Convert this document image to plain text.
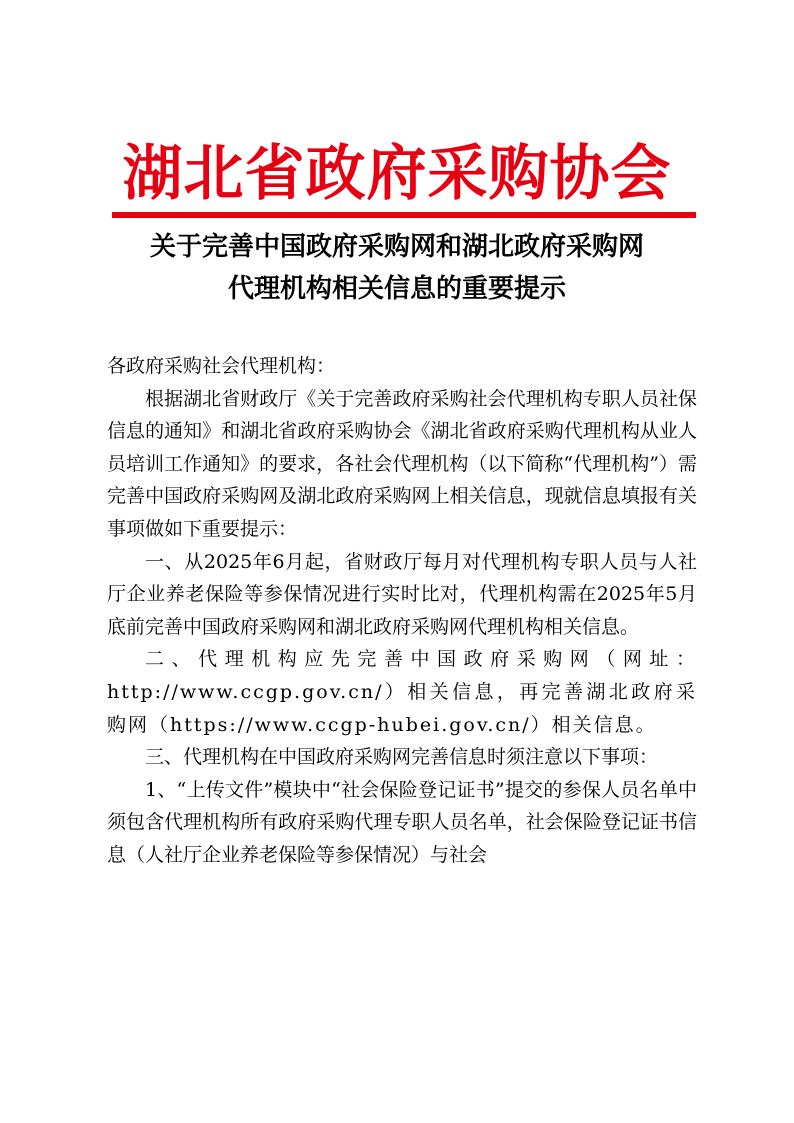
湖北省政府采购协会
关于完善中国政府采购网和湖北政府采购网
代理机构相关信息的重要提示

各政府采购社会代理机构：

根据湖北省财政厅《关于完善政府采购社会代理机构专职人员社保信息的通知》和湖北省政府采购协会《湖北省政府采购代理机构从业人员培训工作通知》的要求，各社会代理机构（以下简称“代理机构”）需完善中国政府采购网及湖北政府采购网上相关信息，现就信息填报有关事项做如下重要提示：

一、从2025年6月起，省财政厅每月对代理机构专职人员与人社厅企业养老保险等参保情况进行实时比对，代理机构需在2025年5月底前完善中国政府采购网和湖北政府采购网代理机构相关信息。

二、代理机构应先完善中国政府采购网（网址：http://www.ccgp.gov.cn/）相关信息，再完善湖北政府采购网（https://www.ccgp-hubei.gov.cn/）相关信息。

三、代理机构在中国政府采购网完善信息时须注意以下事项：

1、“上传文件”模块中“社会保险登记证书”提交的参保人员名单中须包含代理机构所有政府采购代理专职人员名单，社会保险登记证书信息（人社厅企业养老保险等参保情况）与社会
